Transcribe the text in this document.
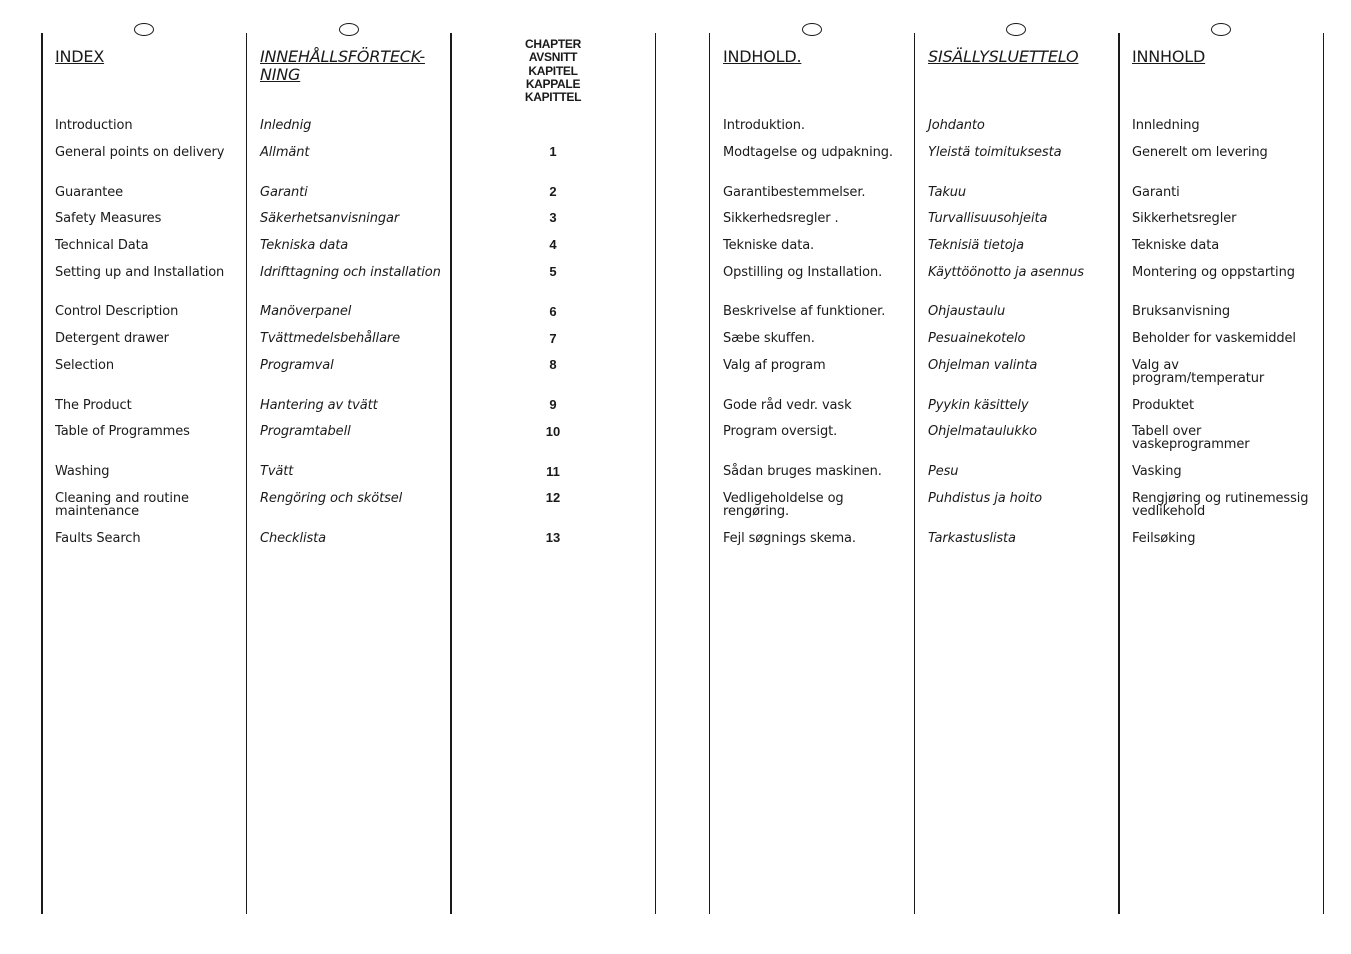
CHAPTER
AVSNITT
KAPITEL
KAPPALE
KAPITTEL
1
2
3
4
5
6
7
8
9
10
11
12
13
INDEX
Introduction
General points on delivery
Guarantee
Safety Measures
Technical Data
Setting up and Installation
Control Description
Detergent drawer
Selection
The Product
Table of Programmes
Washing
Cleaning and routine maintenance
Faults Search
INNEHÅLLSFÖRTECK-
NING
Inlednig
Allmänt
Garanti
Säkerhetsanvisningar
Tekniska data
Idrifttagning och installation
Manöverpanel
Tvättmedelsbehållare
Programval
Hantering av tvätt
Programtabell
Tvätt
Rengöring och skötsel
Checklista
INDHOLD.
Introduktion.
Modtagelse og udpakning.
Garantibestemmelser.
Sikkerhedsregler .
Tekniske data.
Opstilling og Installation.
Beskrivelse af funktioner.
Sæbe skuffen.
Valg af program
Gode råd vedr. vask
Program oversigt.
Sådan bruges maskinen.
Vedligeholdelse og rengøring.
Fejl søgnings skema.
SISÄLLYSLUETTELO
Johdanto
Yleistä toimituksesta
Takuu
Turvallisuusohjeita
Teknisiä tietoja
Käyttöönotto ja asennus
Ohjaustaulu
Pesuainekotelo
Ohjelman valinta
Pyykin käsittely
Ohjelmataulukko
Pesu
Puhdistus ja hoito
Tarkastuslista
INNHOLD
Innledning
Generelt om levering
Garanti
Sikkerhetsregler
Tekniske data
Montering og oppstarting
Bruksanvisning
Beholder for vaskemiddel
Valg av program/temperatur
Produktet
Tabell over vaskeprogrammer
Vasking
Rengjøring og rutinemessig vedlikehold
Feilsøking
